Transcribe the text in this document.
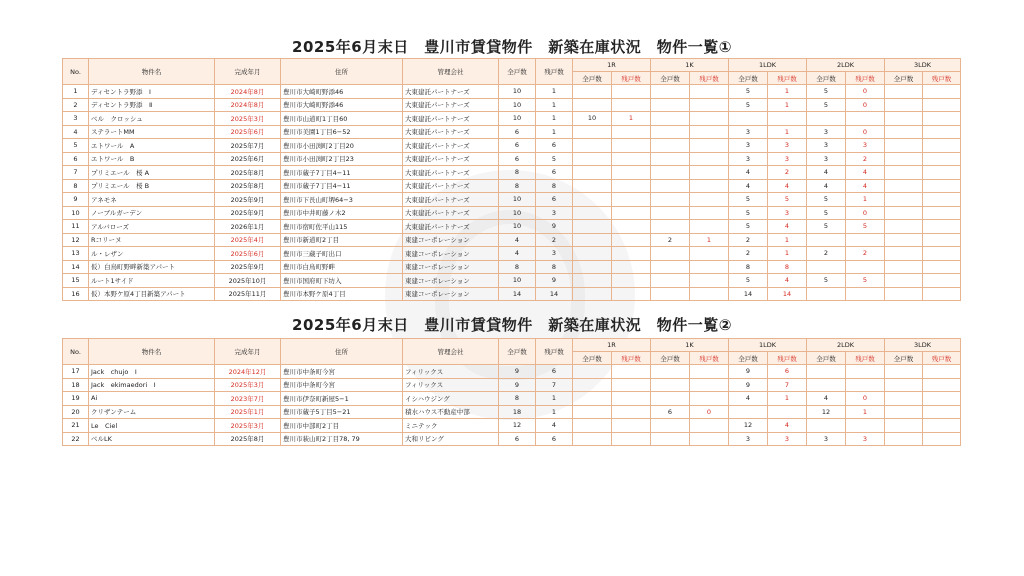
2025年6月末日　豊川市賃貸物件　新築在庫状況　物件一覧①
No.	物件名	完成年月	住所	管理会社	全戸数	残戸数	1R		1K		1LDK		2LDK		3LDK	
							全戸数	残戸数	全戸数	残戸数	全戸数	残戸数	全戸数	残戸数	全戸数	残戸数
1	ディセントラ野添　Ⅰ	2024年8月	豊川市大崎町野添46	大東建託パートナーズ	10	1					5	1	5	0		
2	ディセントラ野添　Ⅱ	2024年8月	豊川市大崎町野添46	大東建託パートナーズ	10	1					5	1	5	0		
3	ベル　クロッシュ	2025年3月	豊川市山道町1丁目60	大東建託パートナーズ	10	1	10	1								
4	ステラートMM	2025年6月	豊川市美園1丁目6−52	大東建託パートナーズ	6	1					3	1	3	0		
5	エトワール　A	2025年7月	豊川市小田渕町2丁目20	大東建託パートナーズ	6	6					3	3	3	3		
6	エトワール　B	2025年6月	豊川市小田渕町2丁目23	大東建託パートナーズ	6	5					3	3	3	2		
7	プリミエール　桜 A	2025年8月	豊川市蔵子7丁目4−11	大東建託パートナーズ	8	6					4	2	4	4		
8	プリミエール　桜 B	2025年8月	豊川市蔵子7丁目4−11	大東建託パートナーズ	8	8					4	4	4	4		
9	アネモネ	2025年9月	豊川市下長山町堺64−3	大東建託パートナーズ	10	6					5	5	5	1		
10	ノーブルガーデン	2025年9月	豊川市中井町藤ノ木2	大東建託パートナーズ	10	3					5	3	5	0		
11	アルバローズ	2026年1月	豊川市宿町佐平山115	大東建託パートナーズ	10	9					5	4	5	5		
12	Rコリーヌ	2025年4月	豊川市新道町2丁目	東建コーポレーション	4	2			2	1	2	1				
13	ル・レザン	2025年6月	豊川市三蔵子町出口	東建コーポレーション	4	3					2	1	2	2		
14	仮）白鳥町野畔新築アパート	2025年9月	豊川市白鳥町野畔	東建コーポレーション	8	8					8	8				
15	ルート1サイド	2025年10月	豊川市国府町下坊入	東建コーポレーション	10	9					5	4	5	5		
16	仮）本野ケ原4丁目新築アパート	2025年11月	豊川市本野ケ原4丁目	東建コーポレーション	14	14					14	14				
2025年6月末日　豊川市賃貸物件　新築在庫状況　物件一覧②
No.	物件名	完成年月	住所	管理会社	全戸数	残戸数	1R		1K		1LDK		2LDK		3LDK	
							全戸数	残戸数	全戸数	残戸数	全戸数	残戸数	全戸数	残戸数	全戸数	残戸数
17	Jack　chujo　Ⅰ	2024年12月	豊川市中条町今宮	フィリックス	9	6					9	6				
18	Jack　ekimaedori　Ⅰ	2025年3月	豊川市中条町今宮	フィリックス	9	7					9	7				
19	Ai	2023年7月	豊川市伊奈町新屋5−1	イシハウジング	8	1					4	1	4	0		
20	クリザンテーム	2025年1月	豊川市蔵子5丁目5−21	積水ハウス不動産中部	18	1			6	0			12	1		
21	Le　Ciel	2025年3月	豊川市中部町2丁目	ミニテック	12	4					12	4				
22	ベルLK	2025年8月	豊川市萩山町2丁目78, 79	大和リビング	6	6					3	3	3	3		
